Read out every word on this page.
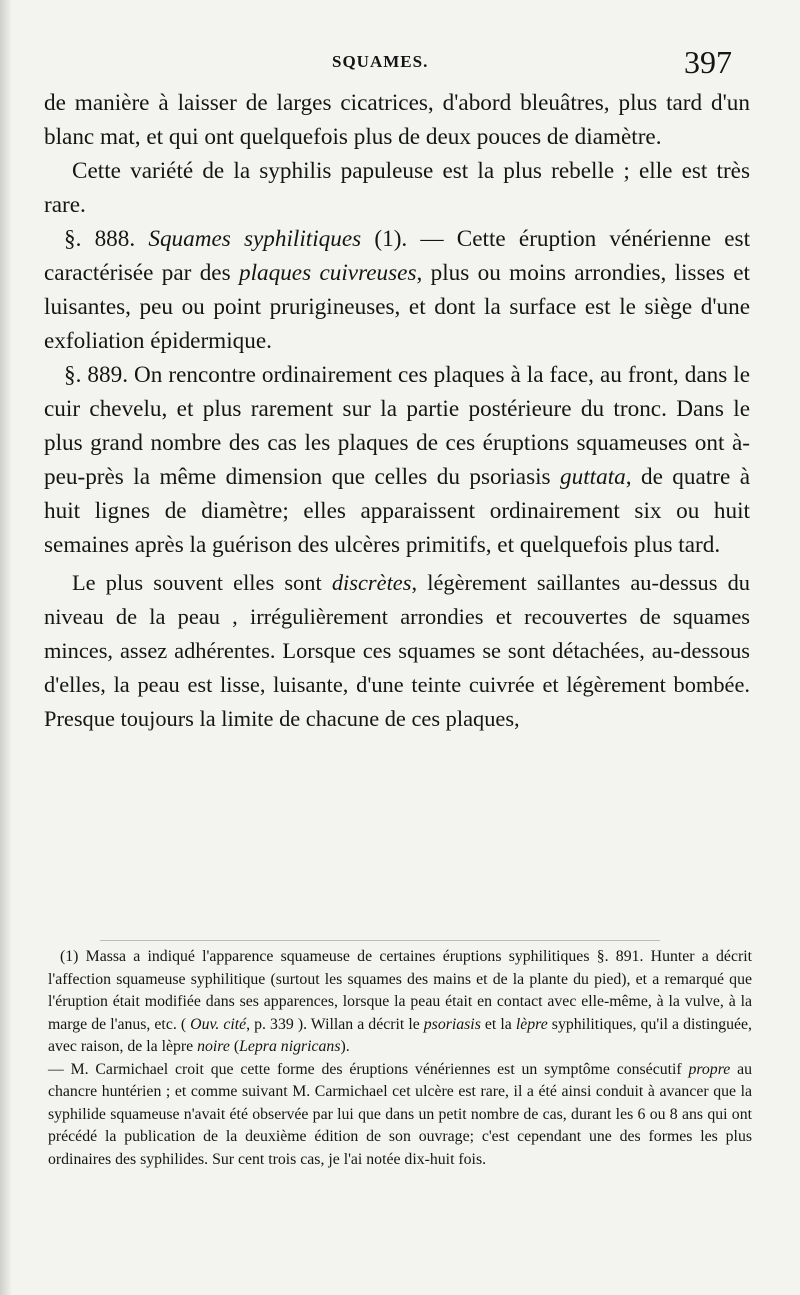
SQUAMES.	397

de manière à laisser de larges cicatrices, d'abord bleuâtres, plus tard d'un blanc mat, et qui ont quelquefois plus de deux pouces de diamètre.

Cette variété de la syphilis papuleuse est la plus rebelle ; elle est très rare.

§. 888. Squames syphilitiques (1). — Cette éruption vénérienne est caractérisée par des plaques cuivreuses, plus ou moins arrondies, lisses et luisantes, peu ou point prurigineuses, et dont la surface est le siège d'une exfoliation épidermique.

§. 889. On rencontre ordinairement ces plaques à la face, au front, dans le cuir chevelu, et plus rarement sur la partie postérieure du tronc. Dans le plus grand nombre des cas les plaques de ces éruptions squameuses ont à-peu-près la même dimension que celles du psoriasis guttata, de quatre à huit lignes de diamètre; elles apparaissent ordinairement six ou huit semaines après la guérison des ulcères primitifs, et quelquefois plus tard.

Le plus souvent elles sont discrètes, légèrement saillantes au-dessus du niveau de la peau , irrégulièrement arrondies et recouvertes de squames minces, assez adhérentes. Lorsque ces squames se sont détachées, au-dessous d'elles, la peau est lisse, luisante, d'une teinte cuivrée et légèrement bombée. Presque toujours la limite de chacune de ces plaques,

(1) Massa a indiqué l'apparence squameuse de certaines éruptions syphilitiques §. 891. Hunter a décrit l'affection squameuse syphilitique (surtout les squames des mains et de la plante du pied), et a remarqué que l'éruption était modifiée dans ses apparences, lorsque la peau était en contact avec elle-même, à la vulve, à la marge de l'anus, etc. ( Ouv. cité, p. 339 ). Willan a décrit le psoriasis et la lèpre syphilitiques, qu'il a distinguée, avec raison, de la lèpre noire (Lepra nigricans).

— M. Carmichael croit que cette forme des éruptions vénériennes est un symptôme consécutif propre au chancre huntérien ; et comme suivant M. Carmichael cet ulcère est rare, il a été ainsi conduit à avancer que la syphilide squameuse n'avait été observée par lui que dans un petit nombre de cas, durant les 6 ou 8 ans qui ont précédé la publication de la deuxième édition de son ouvrage; c'est cependant une des formes les plus ordinaires des syphilides. Sur cent trois cas, je l'ai notée dix-huit fois.
